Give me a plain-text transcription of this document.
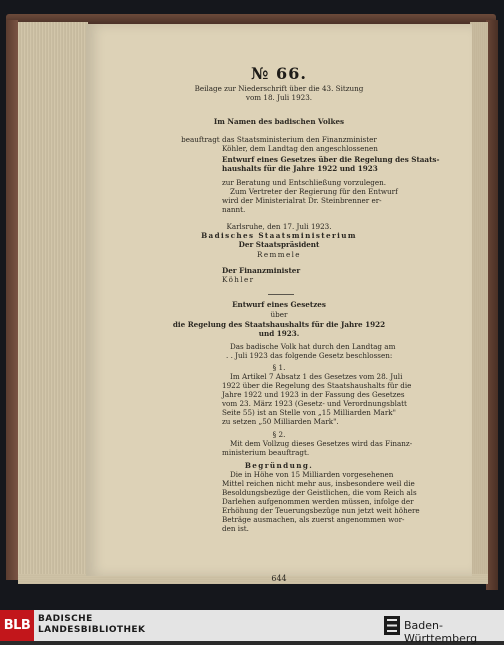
№ 66.
Beilage zur Niederschrift über die 43. Sitzung
vom 18. Juli 1923.
Im Namen des badischen Volkes
beauftragt das Staatsministerium den Finanzminister
Köhler, dem Landtag den angeschlossenen
Entwurf eines Gesetzes über die Regelung des Staats-
haushalts für die Jahre 1922 und 1923
zur Beratung und Entschließung vorzulegen.
Zum Vertreter der Regierung für den Entwurf
wird der Ministerialrat Dr. Steinbrenner er-
nannt.
Karlsruhe, den 17. Juli 1923.
Badisches Staatsministerium
Der Staatspräsident
Remmele
Der Finanzminister
Köhler
Entwurf eines Gesetzes
über
die Regelung des Staatshaushalts für die Jahre 1922
und 1923.
Das badische Volk hat durch den Landtag am
. . Juli 1923 das folgende Gesetz beschlossen:
§ 1.
Im Artikel 7 Absatz 1 des Gesetzes vom 28. Juli
1922 über die Regelung des Staatshaushalts für die
Jahre 1922 und 1923 in der Fassung des Gesetzes
vom 23. März 1923 (Gesetz- und Verordnungsblatt
Seite 55) ist an Stelle von „15 Milliarden Mark"
zu setzen „50 Milliarden Mark".
§ 2.
Mit dem Vollzug dieses Gesetzes wird das Finanz-
ministerium beauftragt.
Begründung.
Die in Höhe von 15 Milliarden vorgesehenen
Mittel reichen nicht mehr aus, insbesondere weil die
Besoldungsbezüge der Geistlichen, die vom Reich als
Darlehen aufgenommen werden müssen, infolge der
Erhöhung der Teuerungsbezüge nun jetzt weit höhere
Beträge ausmachen, als zuerst angenommen wor-
den ist.
644
BLB BADISCHE
LANDESBIBLIOTHEK	Baden-Württemberg
